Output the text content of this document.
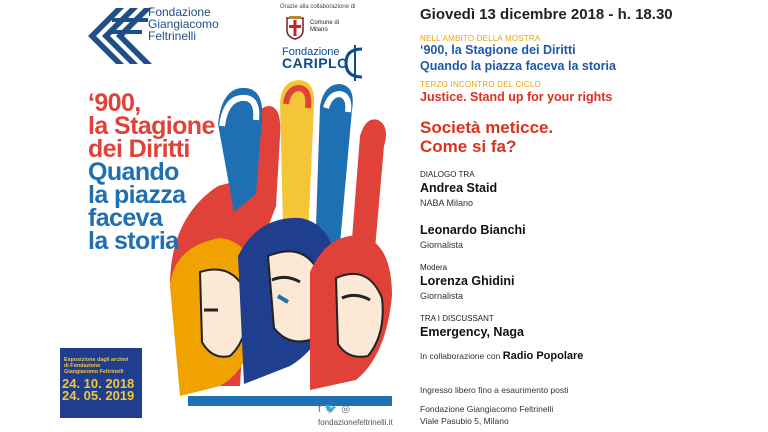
Fondazione
Giangiacomo
Feltrinelli
Grazie alla collaborazione di
Comune di
Milano
Fondazione
CARIPLO
‘900,
la Stagione
dei Diritti
Quando
la piazza
faceva
la storia
Esposizione dagli archivi
di Fondazione
Giangiacomo Feltrinelli
24. 10. 2018
24. 05. 2019
f🐦◎
fondazionefeltrinelli.it
Giovedì 13 dicembre 2018 - h. 18.30
NELL'AMBITO DELLA MOSTRA
‘900, la Stagione dei Diritti
Quando la piazza faceva la storia
TERZO INCONTRO DEL CICLO
Justice. Stand up for your rights
Società meticce.
Come si fa?
DIALOGO TRA
Andrea Staid
NABA Milano
Leonardo Bianchi
Giornalista
Modera
Lorenza Ghidini
Giornalista
TRA I DISCUSSANT
Emergency, Naga
In collaborazione con Radio Popolare
Ingresso libero fino a esaurimento posti
Fondazione Giangiacomo Feltrinelli
Viale Pasubio 5, Milano
